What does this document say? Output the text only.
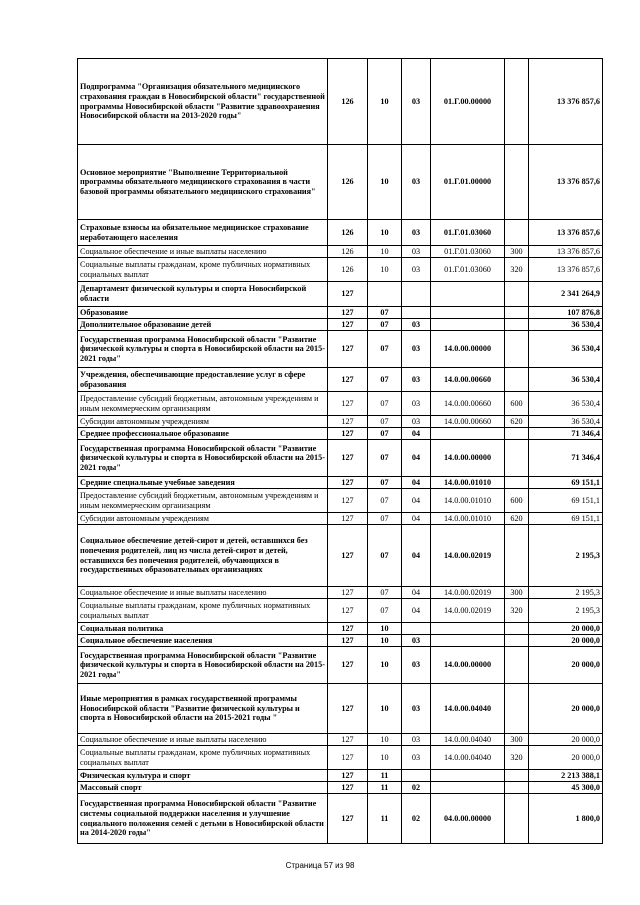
Подпрограмма "Организация обязательного медицинского страхования граждан в Новосибирской области" государственной программы Новосибирской области "Развитие здравоохранения Новосибирской области на 2013-2020 годы"	126	10	03	01.Г.00.00000		13 376 857,6
Основное мероприятие "Выполнение Территориальной программы обязательного медицинского страхования в части базовой программы обязательного медицинского страхования"	126	10	03	01.Г.01.00000		13 376 857,6
Страховые взносы на обязательное медицинское страхование неработающего населения	126	10	03	01.Г.01.03060		13 376 857,6
Социальное обеспечение и иные выплаты населению	126	10	03	01.Г.01.03060	300	13 376 857,6
Социальные выплаты гражданам, кроме публичных нормативных социальных выплат	126	10	03	01.Г.01.03060	320	13 376 857,6
Департамент физической культуры и спорта Новосибирской области	127					2 341 264,9
Образование	127	07				107 876,8
Дополнительное образование детей	127	07	03			36 530,4
Государственная программа Новосибирской области "Развитие физической культуры и спорта в Новосибирской области на 2015-2021 годы"	127	07	03	14.0.00.00000		36 530,4
Учреждения, обеспечивающие предоставление услуг в сфере образования	127	07	03	14.0.00.00660		36 530,4
Предоставление субсидий бюджетным, автономным учреждениям и иным некоммерческим организациям	127	07	03	14.0.00.00660	600	36 530,4
Субсидии автономным учреждениям	127	07	03	14.0.00.00660	620	36 530,4
Среднее профессиональное образование	127	07	04			71 346,4
Государственная программа Новосибирской области "Развитие физической культуры и спорта в Новосибирской области на 2015-2021 годы"	127	07	04	14.0.00.00000		71 346,4
Средние специальные учебные заведения	127	07	04	14.0.00.01010		69 151,1
Предоставление субсидий бюджетным, автономным учреждениям и иным некоммерческим организациям	127	07	04	14.0.00.01010	600	69 151,1
Субсидии автономным учреждениям	127	07	04	14.0.00.01010	620	69 151,1
Социальное обеспечение детей-сирот и детей, оставшихся без попечения родителей, лиц из числа детей-сирот и детей, оставшихся без попечения родителей, обучающихся в государственных образовательных организациях	127	07	04	14.0.00.02019		2 195,3
Социальное обеспечение и иные выплаты населению	127	07	04	14.0.00.02019	300	2 195,3
Социальные выплаты гражданам, кроме публичных нормативных социальных выплат	127	07	04	14.0.00.02019	320	2 195,3
Социальная политика	127	10				20 000,0
Социальное обеспечение населения	127	10	03			20 000,0
Государственная программа Новосибирской области "Развитие физической культуры и спорта в Новосибирской области на 2015-2021 годы"	127	10	03	14.0.00.00000		20 000,0
Иные мероприятия в рамках государственной программы Новосибирской области "Развитие физической культуры и спорта в Новосибирской области на 2015-2021 годы "	127	10	03	14.0.00.04040		20 000,0
Социальное обеспечение и иные выплаты населению	127	10	03	14.0.00.04040	300	20 000,0
Социальные выплаты гражданам, кроме публичных нормативных социальных выплат	127	10	03	14.0.00.04040	320	20 000,0
Физическая культура и спорт	127	11				2 213 388,1
Массовый спорт	127	11	02			45 300,0
Государственная программа Новосибирской области "Развитие системы социальной поддержки населения и улучшение социального положения семей с детьми в Новосибирской области на 2014-2020 годы"	127	11	02	04.0.00.00000		1 800,0
Страница 57 из 98
